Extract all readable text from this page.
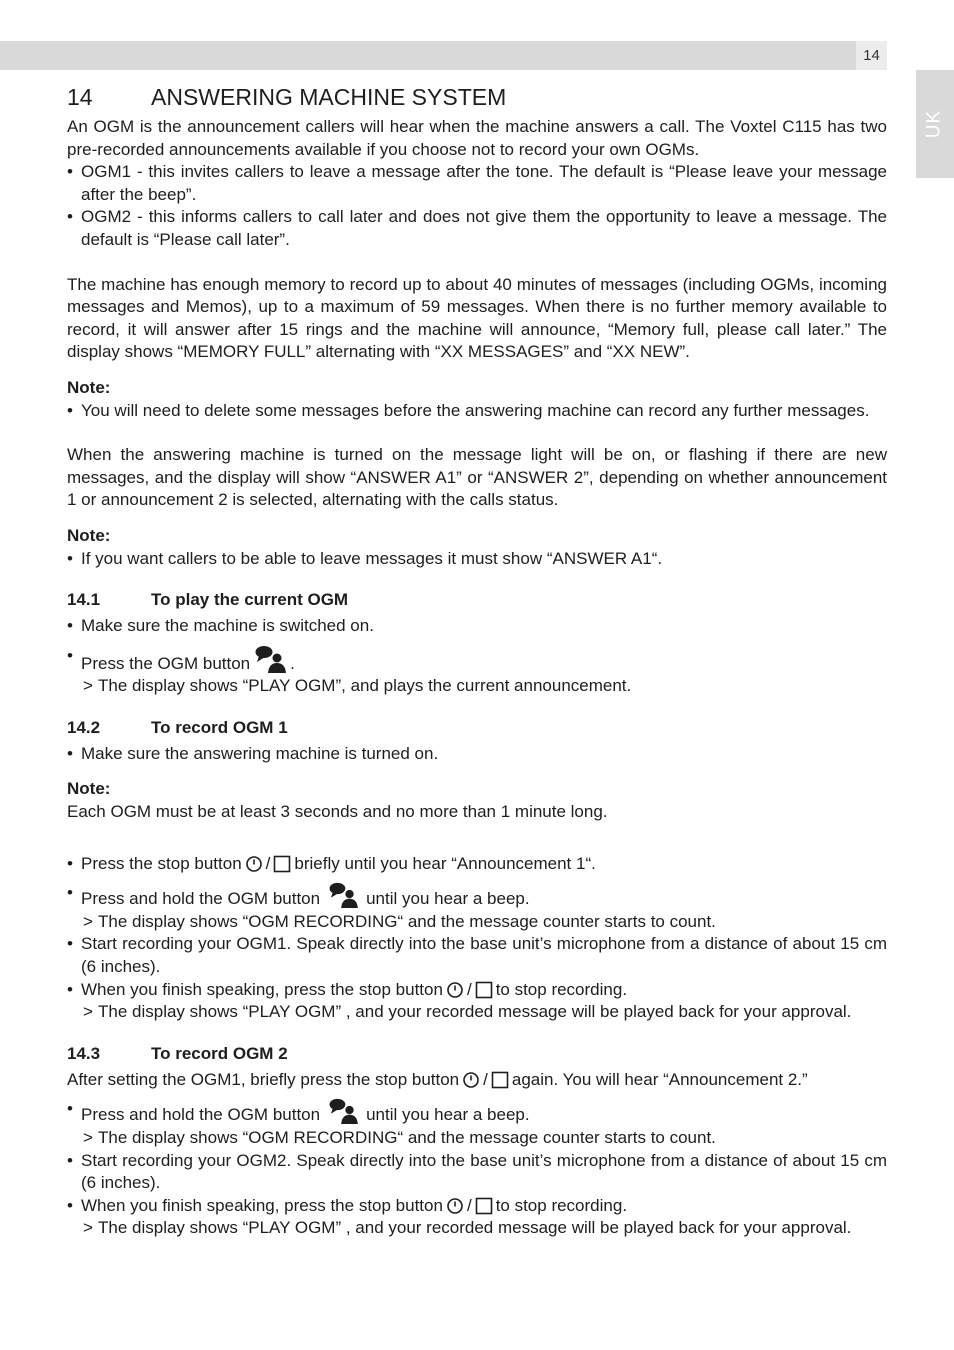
14
UK
14	ANSWERING MACHINE SYSTEM

An OGM is the announcement callers will hear when the machine answers a call. The Voxtel C115 has two pre-recorded announcements available if you choose not to record your own OGMs.

• OGM1 - this invites callers to leave a message after the tone. The default is “Please leave your message after the beep”.
• OGM2 - this informs callers to call later and does not give them the opportunity to leave a message. The default is “Please call later”.

The machine has enough memory to record up to about 40 minutes of messages (including OGMs, incoming messages and Memos), up to a maximum of 59 messages. When there is no further memory available to record, it will answer after 15 rings and the machine will announce, “Memory full, please call later.” The display shows “MEMORY FULL” alternating with “XX MESSAGES” and “XX NEW”.

Note:
• You will need to delete some messages before the answering machine can record any further messages.

When the answering machine is turned on the message light will be on, or flashing if there are new messages, and the display will show “ANSWER A1” or “ANSWER 2”, depending on whether announcement 1 or announcement 2 is selected, alternating with the calls status.

Note:
• If you want callers to be able to leave messages it must show “ANSWER A1“.
14.1	To play the current OGM
• Make sure the machine is switched on.
• Press the OGM button .
> The display shows “PLAY OGM”, and plays the current announcement.
14.2	To record OGM 1
• Make sure the answering machine is turned on.
Note:

Each OGM must be at least 3 seconds and no more than 1 minute long.

• Press the stop button / briefly until you hear “Announcement 1“.
• Press and hold the OGM button	until you hear a beep.
> The display shows “OGM RECORDING“ and the message counter starts to count.
• Start recording your OGM1. Speak directly into the base unit’s microphone from a distance of about 15 cm (6 inches).
• When you finish speaking, press the stop button / to stop recording.
> The display shows “PLAY OGM” , and your recorded message will be played back for your approval.
14.3	To record OGM 2

After setting the OGM1, briefly press the stop button / again. You will hear “Announcement 2.”

• Press and hold the OGM button	until you hear a beep.
> The display shows “OGM RECORDING“ and the message counter starts to count.
• Start recording your OGM2. Speak directly into the base unit’s microphone from a distance of about 15 cm (6 inches).
• When you finish speaking, press the stop button / to stop recording.
> The display shows “PLAY OGM” , and your recorded message will be played back for your approval.
